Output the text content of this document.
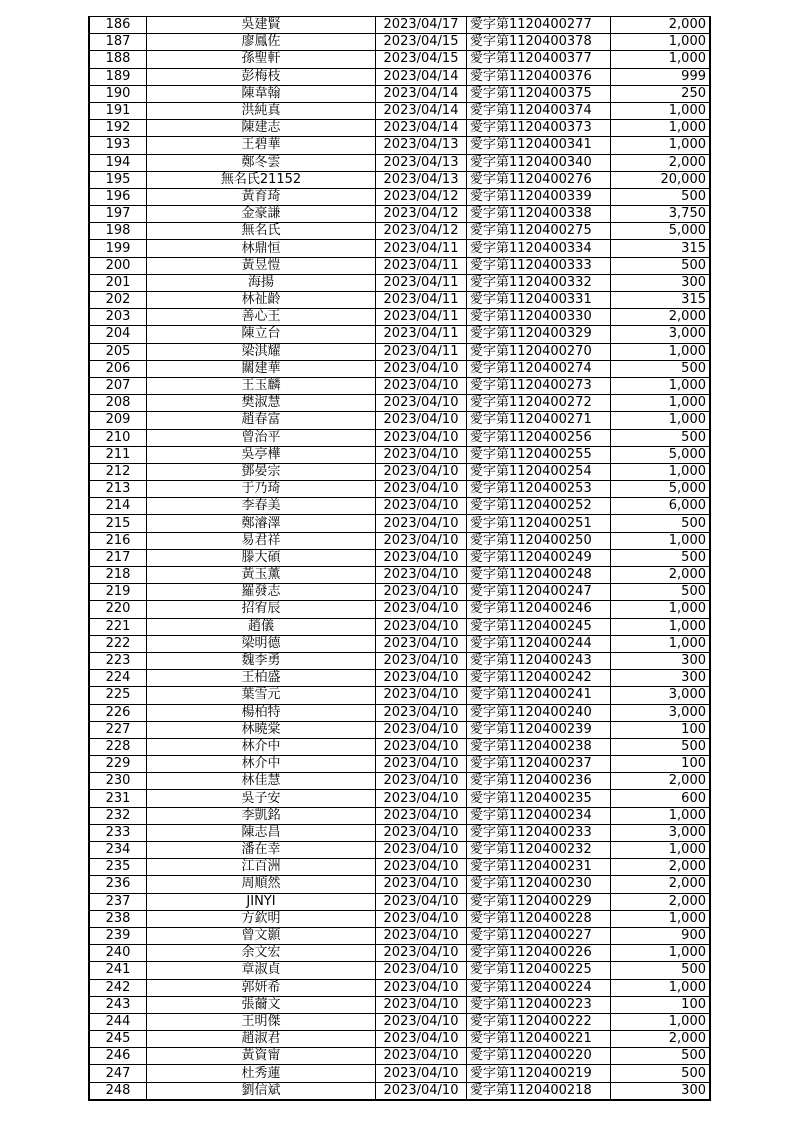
186	吳建賢	2023/04/17	愛字第1120400277	2,000
187	廖鳳佐	2023/04/15	愛字第1120400378	1,000
188	孫聖軒	2023/04/15	愛字第1120400377	1,000
189	彭梅枝	2023/04/14	愛字第1120400376	999
190	陳韋翰	2023/04/14	愛字第1120400375	250
191	洪純真	2023/04/14	愛字第1120400374	1,000
192	陳建志	2023/04/14	愛字第1120400373	1,000
193	王碧華	2023/04/13	愛字第1120400341	1,000
194	鄭冬雲	2023/04/13	愛字第1120400340	2,000
195	無名氏21152	2023/04/13	愛字第1120400276	20,000
196	黃育琦	2023/04/12	愛字第1120400339	500
197	金豪謙	2023/04/12	愛字第1120400338	3,750
198	無名氏	2023/04/12	愛字第1120400275	5,000
199	林鼎恒	2023/04/11	愛字第1120400334	315
200	黃昱愷	2023/04/11	愛字第1120400333	500
201	海揚	2023/04/11	愛字第1120400332	300
202	林祉齡	2023/04/11	愛字第1120400331	315
203	善心王	2023/04/11	愛字第1120400330	2,000
204	陳立台	2023/04/11	愛字第1120400329	3,000
205	梁淇耀	2023/04/11	愛字第1120400270	1,000
206	關建華	2023/04/10	愛字第1120400274	500
207	王玉麟	2023/04/10	愛字第1120400273	1,000
208	樊淑慧	2023/04/10	愛字第1120400272	1,000
209	趙春富	2023/04/10	愛字第1120400271	1,000
210	曾治平	2023/04/10	愛字第1120400256	500
211	吳亭樺	2023/04/10	愛字第1120400255	5,000
212	鄧晏宗	2023/04/10	愛字第1120400254	1,000
213	于乃琦	2023/04/10	愛字第1120400253	5,000
214	李春美	2023/04/10	愛字第1120400252	6,000
215	鄭濬澤	2023/04/10	愛字第1120400251	500
216	易君祥	2023/04/10	愛字第1120400250	1,000
217	滕大碩	2023/04/10	愛字第1120400249	500
218	黃玉薰	2023/04/10	愛字第1120400248	2,000
219	羅發志	2023/04/10	愛字第1120400247	500
220	招宥辰	2023/04/10	愛字第1120400246	1,000
221	趙儀	2023/04/10	愛字第1120400245	1,000
222	梁明德	2023/04/10	愛字第1120400244	1,000
223	魏李勇	2023/04/10	愛字第1120400243	300
224	王柏盛	2023/04/10	愛字第1120400242	300
225	葉雪元	2023/04/10	愛字第1120400241	3,000
226	楊柏特	2023/04/10	愛字第1120400240	3,000
227	林曉棠	2023/04/10	愛字第1120400239	100
228	林介中	2023/04/10	愛字第1120400238	500
229	林介中	2023/04/10	愛字第1120400237	100
230	林佳慧	2023/04/10	愛字第1120400236	2,000
231	吳子安	2023/04/10	愛字第1120400235	600
232	李凱銘	2023/04/10	愛字第1120400234	1,000
233	陳志昌	2023/04/10	愛字第1120400233	3,000
234	潘在幸	2023/04/10	愛字第1120400232	1,000
235	江百洲	2023/04/10	愛字第1120400231	2,000
236	周順然	2023/04/10	愛字第1120400230	2,000
237	JINYI	2023/04/10	愛字第1120400229	2,000
238	方欽明	2023/04/10	愛字第1120400228	1,000
239	曾文顥	2023/04/10	愛字第1120400227	900
240	余文宏	2023/04/10	愛字第1120400226	1,000
241	章淑貞	2023/04/10	愛字第1120400225	500
242	郭妍希	2023/04/10	愛字第1120400224	1,000
243	張薾文	2023/04/10	愛字第1120400223	100
244	王明傑	2023/04/10	愛字第1120400222	1,000
245	趙淑君	2023/04/10	愛字第1120400221	2,000
246	黃資甯	2023/04/10	愛字第1120400220	500
247	杜秀蓮	2023/04/10	愛字第1120400219	500
248	劉信斌	2023/04/10	愛字第1120400218	300
